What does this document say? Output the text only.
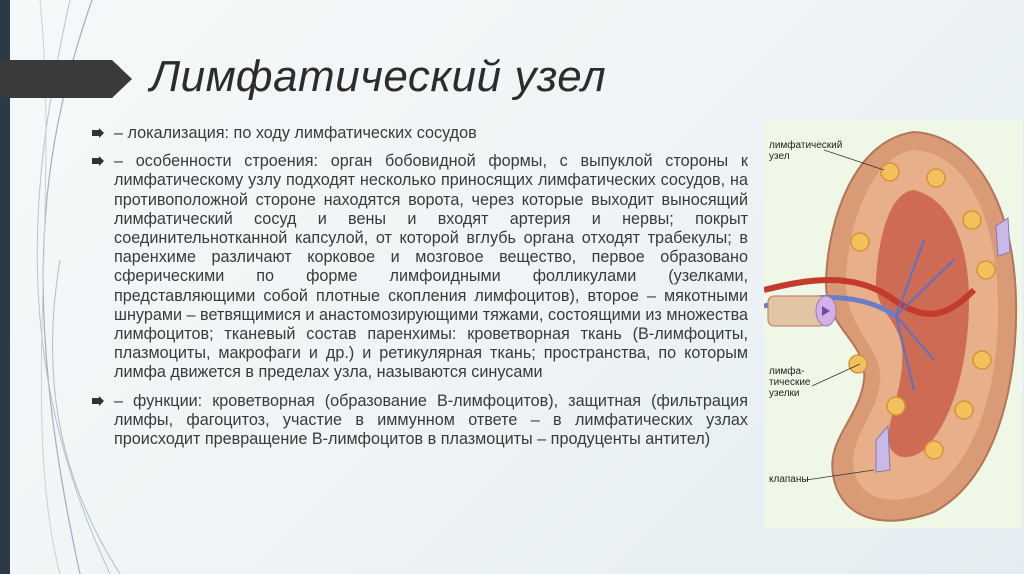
Лимфатический узел
– локализация: по ходу лимфатических сосудов
– особенности строения: орган бобовидной формы, с выпуклой стороны к лимфатическому узлу подходят несколько приносящих лимфатических сосудов, на противоположной стороне находятся ворота, через которые выходит выносящий лимфатический сосуд и вены и входят артерия и нервы; покрыт соединительнотканной капсулой, от которой вглубь органа отходят трабекулы; в паренхиме различают корковое и мозговое вещество, первое образовано сферическими по форме лимфоидными фолликулами (узелками, представляющими собой плотные скопления лимфоцитов), второе – мякотными шнурами – ветвящимися и анастомозирующими тяжами, состоящими из множества лимфоцитов; тканевый состав паренхимы: кроветворная ткань (В-лимфоциты, плазмоциты, макрофаги и др.) и ретикулярная ткань; пространства, по которым лимфа движется в пределах узла, называются синусами
– функции: кроветворная (образование В-лимфоцитов), защитная (фильтрация лимфы, фагоцитоз, участие в иммунном ответе – в лимфатических узлах происходит превращение В-лимфоцитов в плазмоциты – продуценты антител)
лимфатический
узел
лимфа-
тические
узелки
клапаны
